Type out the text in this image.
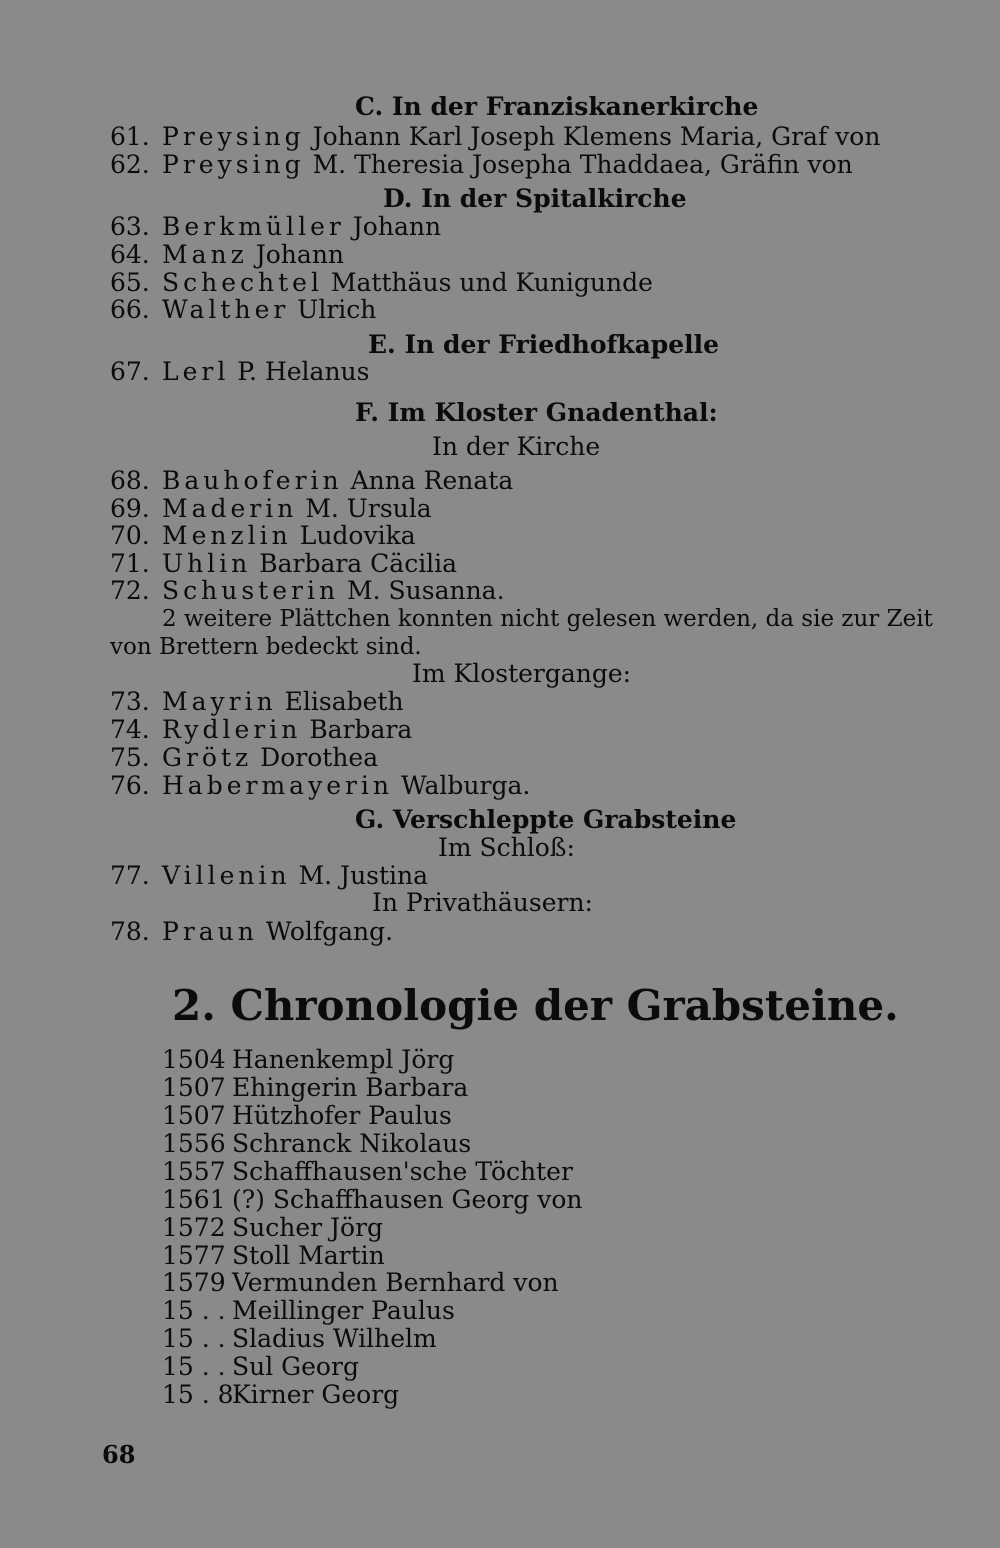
C. In der Franziskanerkirche
61. Preysing Johann Karl Joseph Klemens Maria, Graf von
62. Preysing M. Theresia Josepha Thaddaea, Gräfin von
D. In der Spitalkirche
63. Berkmüller Johann
64. Manz Johann
65. Schechtel Matthäus und Kunigunde
66. Walther Ulrich
E. In der Friedhofkapelle
67. Lerl P. Helanus
F. Im Kloster Gnadenthal:
In der Kirche
68. Bauhoferin Anna Renata
69. Maderin M. Ursula
70. Menzlin Ludovika
71. Uhlin Barbara Cäcilia
72. Schusterin M. Susanna.
2 weitere Plättchen konnten nicht gelesen werden, da sie zur Zeit
von Brettern bedeckt sind.
Im Klostergange:
73. Mayrin Elisabeth
74. Rydlerin Barbara
75. Grötz Dorothea
76. Habermayerin Walburga.
G. Verschleppte Grabsteine
Im Schloß:
77. Villenin M. Justina
In Privathäusern:
78. Praun Wolfgang.
2. Chronologie der Grabsteine.
1504 Hanenkempl Jörg
1507 Ehingerin Barbara
1507 Hützhofer Paulus
1556 Schranck Nikolaus
1557 Schaffhausen'sche Töchter
1561 (?) Schaffhausen Georg von
1572 Sucher Jörg
1577 Stoll Martin
1579 Vermunden Bernhard von
15 . . Meillinger Paulus
15 . . Sladius Wilhelm
15 . . Sul Georg
15 . 8Kirner Georg
68
